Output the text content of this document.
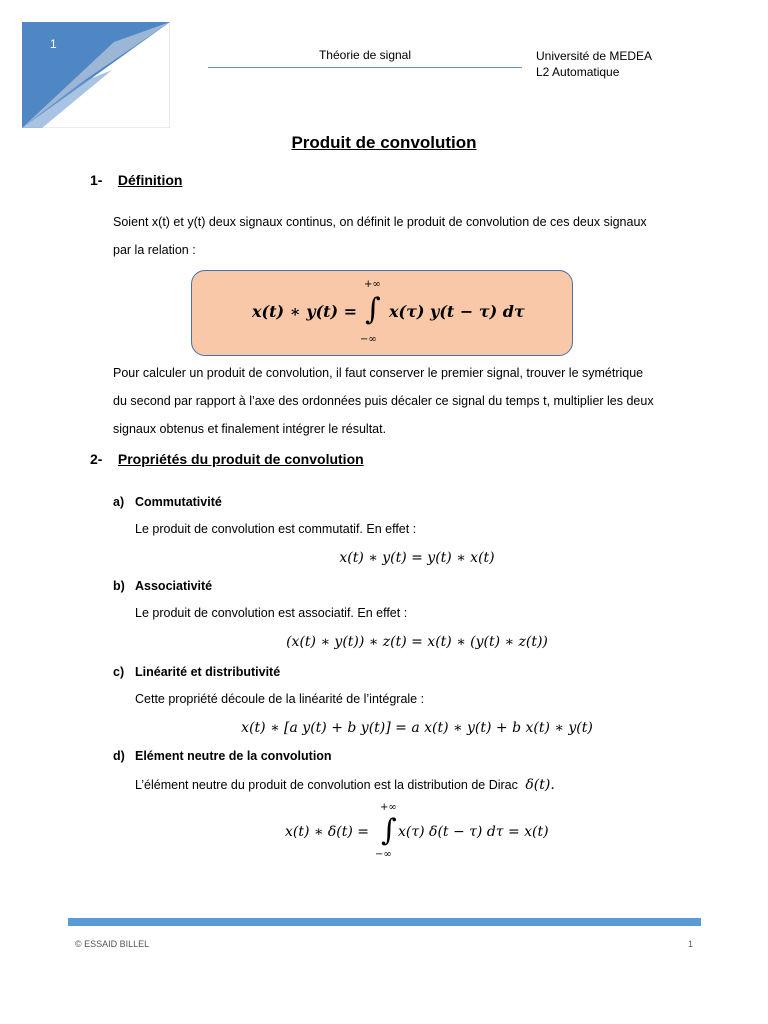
1
Théorie de signal	Université de MEDEA
L2 Automatique
Produit de convolution
1- Définition
Soient x(t) et y(t) deux signaux continus, on définit le produit de convolution de ces deux signaux
par la relation :
x(t) ∗ y(t) =
+∞
∫
−∞
x(τ) y(t − τ) dτ
Pour calculer un produit de convolution, il faut conserver le premier signal, trouver le symétrique
du second par rapport à l’axe des ordonnées puis décaler ce signal du temps t, multiplier les deux
signaux obtenus et finalement intégrer le résultat.
2- Propriétés du produit de convolution
a) Commutativité
Le produit de convolution est commutatif. En effet :
x(t) ∗ y(t) = y(t) ∗ x(t)
b) Associativité
Le produit de convolution est associatif. En effet :
(x(t) ∗ y(t)) ∗ z(t) = x(t) ∗ (y(t) ∗ z(t))
c) Linéarité et distributivité
Cette propriété découle de la linéarité de l’intégrale :
x(t) ∗ [a y(t) + b y(t)] = a x(t) ∗ y(t) + b x(t) ∗ y(t)
d) Elément neutre de la convolution
L’élément neutre du produit de convolution est la distribution de Dirac δ(t).
x(t) ∗ δ(t) =
+∞
∫
−∞
x(τ) δ(t − τ) dτ = x(t)
© ESSAID BILLEL	1
